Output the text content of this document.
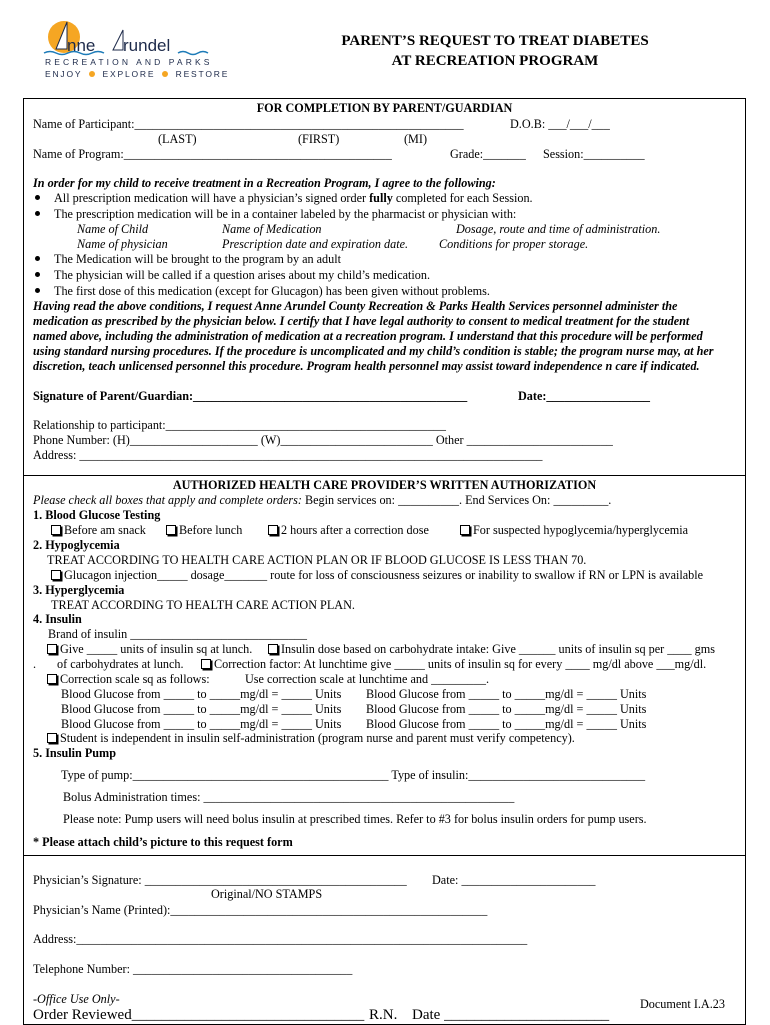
nne rundel
RECREATION AND PARKS
ENJOY EXPLORE RESTORE
PARENT’S REQUEST TO TREAT DIABETES
AT RECREATION PROGRAM
FOR COMPLETION BY PARENT/GUARDIAN
Name of Participant:______________________________________________________	D.O.B: ___/___/___
(LAST)	(FIRST)	(MI)
Name of Program:____________________________________________	Grade:_______ Session:__________
In order for my child to receive treatment in a Recreation Program, I agree to the following:
All prescription medication will have a physician’s signed order fully completed for each Session.
The prescription medication will be in a container labeled by the pharmacist or physician with:
Name of Child	Name of Medication	Dosage, route and time of administration.
Name of physician	Prescription date and expiration date.	Conditions for proper storage.
The Medication will be brought to the program by an adult
The physician will be called if a question arises about my child’s medication.
The first dose of this medication (except for Glucagon) has been given without problems.
Having read the above conditions, I request Anne Arundel County Recreation & Parks Health Services personnel administer the
medication as prescribed by the physician below. I certify that I have legal authority to consent to medical treatment for the student
named above, including the administration of medication at a recreation program. I understand that this procedure will be performed
using standard nursing procedures. If the procedure is uncomplicated and my child’s condition is stable; the program nurse may, at her
discretion, teach unlicensed personnel this procedure. Program health personnel may assist toward independence n care if indicated.
Signature of Parent/Guardian:_____________________________________________	Date:_________________
Relationship to participant:______________________________________________
Phone Number: (H)_____________________ (W)_________________________ Other ________________________
Address: ____________________________________________________________________________
AUTHORIZED HEALTH CARE PROVIDER’S WRITTEN AUTHORIZATION
Please check all boxes that apply and complete orders: Begin services on: __________. End Services On: _________.
1. Blood Glucose Testing
Before am snack	Before lunch	2 hours after a correction dose	For suspected hypoglycemia/hyperglycemia
2. Hypoglycemia
TREAT ACCORDING TO HEALTH CARE ACTION PLAN OR IF BLOOD GLUCOSE IS LESS THAN 70.
Glucagon injection_____ dosage_______ route for loss of consciousness seizures or inability to swallow if RN or LPN is available
3. Hyperglycemia
TREAT ACCORDING TO HEALTH CARE ACTION PLAN.
4. Insulin
Brand of insulin _____________________________
Give _____ units of insulin sq at lunch.	Insulin dose based on carbohydrate intake: Give ______ units of insulin sq per ____ gms
. of carbohydrates at lunch.	Correction factor: At lunchtime give _____ units of insulin sq for every ____ mg/dl above ___mg/dl.
Correction scale sq as follows:	Use correction scale at lunchtime and _________.
Blood Glucose from _____ to _____mg/dl = _____ Units Blood Glucose from _____ to _____mg/dl = _____ Units
Blood Glucose from _____ to _____mg/dl = _____ Units Blood Glucose from _____ to _____mg/dl = _____ Units
Blood Glucose from _____ to _____mg/dl = _____ Units Blood Glucose from _____ to _____mg/dl = _____ Units
Student is independent in insulin self-administration (program nurse and parent must verify competency).
5. Insulin Pump
Type of pump:__________________________________________ Type of insulin:_____________________________
Bolus Administration times: ___________________________________________________
Please note: Pump users will need bolus insulin at prescribed times. Refer to #3 for bolus insulin orders for pump users.
* Please attach child’s picture to this request form
Physician’s Signature: ___________________________________________ Date: ______________________
Original/NO STAMPS
Physician’s Name (Printed):____________________________________________________
Address:__________________________________________________________________________
Telephone Number: ____________________________________
-Office Use Only-	Document I.A.23
Order Reviewed_______________________________ R.N. Date ______________________
